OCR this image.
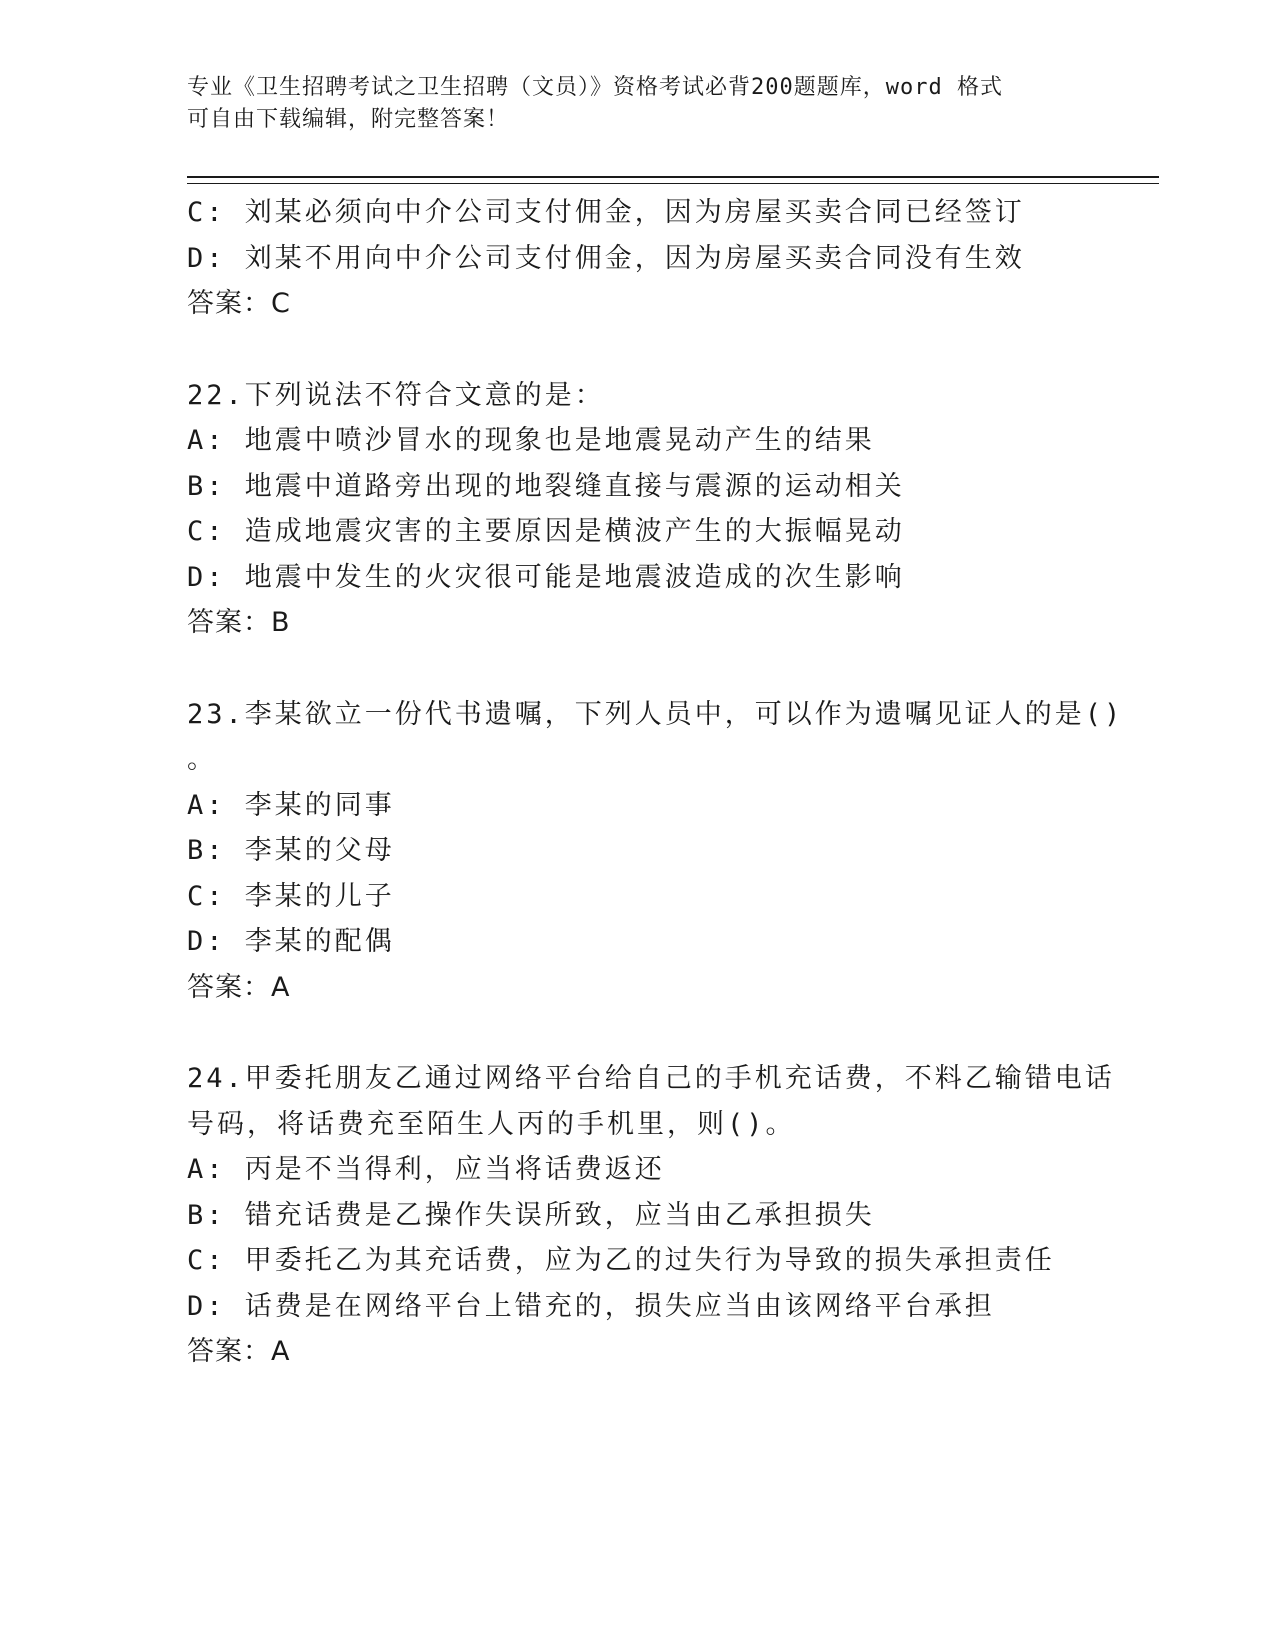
专业《卫生招聘考试之卫生招聘（文员）》资格考试必背200题题库，word 格式
可自由下载编辑，附完整答案！
C: 刘某必须向中介公司支付佣金，因为房屋买卖合同已经签订
D: 刘某不用向中介公司支付佣金，因为房屋买卖合同没有生效
答案：C
22.下列说法不符合文意的是：
A: 地震中喷沙冒水的现象也是地震晃动产生的结果
B: 地震中道路旁出现的地裂缝直接与震源的运动相关
C: 造成地震灾害的主要原因是横波产生的大振幅晃动
D: 地震中发生的火灾很可能是地震波造成的次生影响
答案：B
23.李某欲立一份代书遗嘱，下列人员中，可以作为遗嘱见证人的是()
。
A: 李某的同事
B: 李某的父母
C: 李某的儿子
D: 李某的配偶
答案：A
24.甲委托朋友乙通过网络平台给自己的手机充话费，不料乙输错电话
号码，将话费充至陌生人丙的手机里，则()。
A: 丙是不当得利，应当将话费返还
B: 错充话费是乙操作失误所致，应当由乙承担损失
C: 甲委托乙为其充话费，应为乙的过失行为导致的损失承担责任
D: 话费是在网络平台上错充的，损失应当由该网络平台承担
答案：A
